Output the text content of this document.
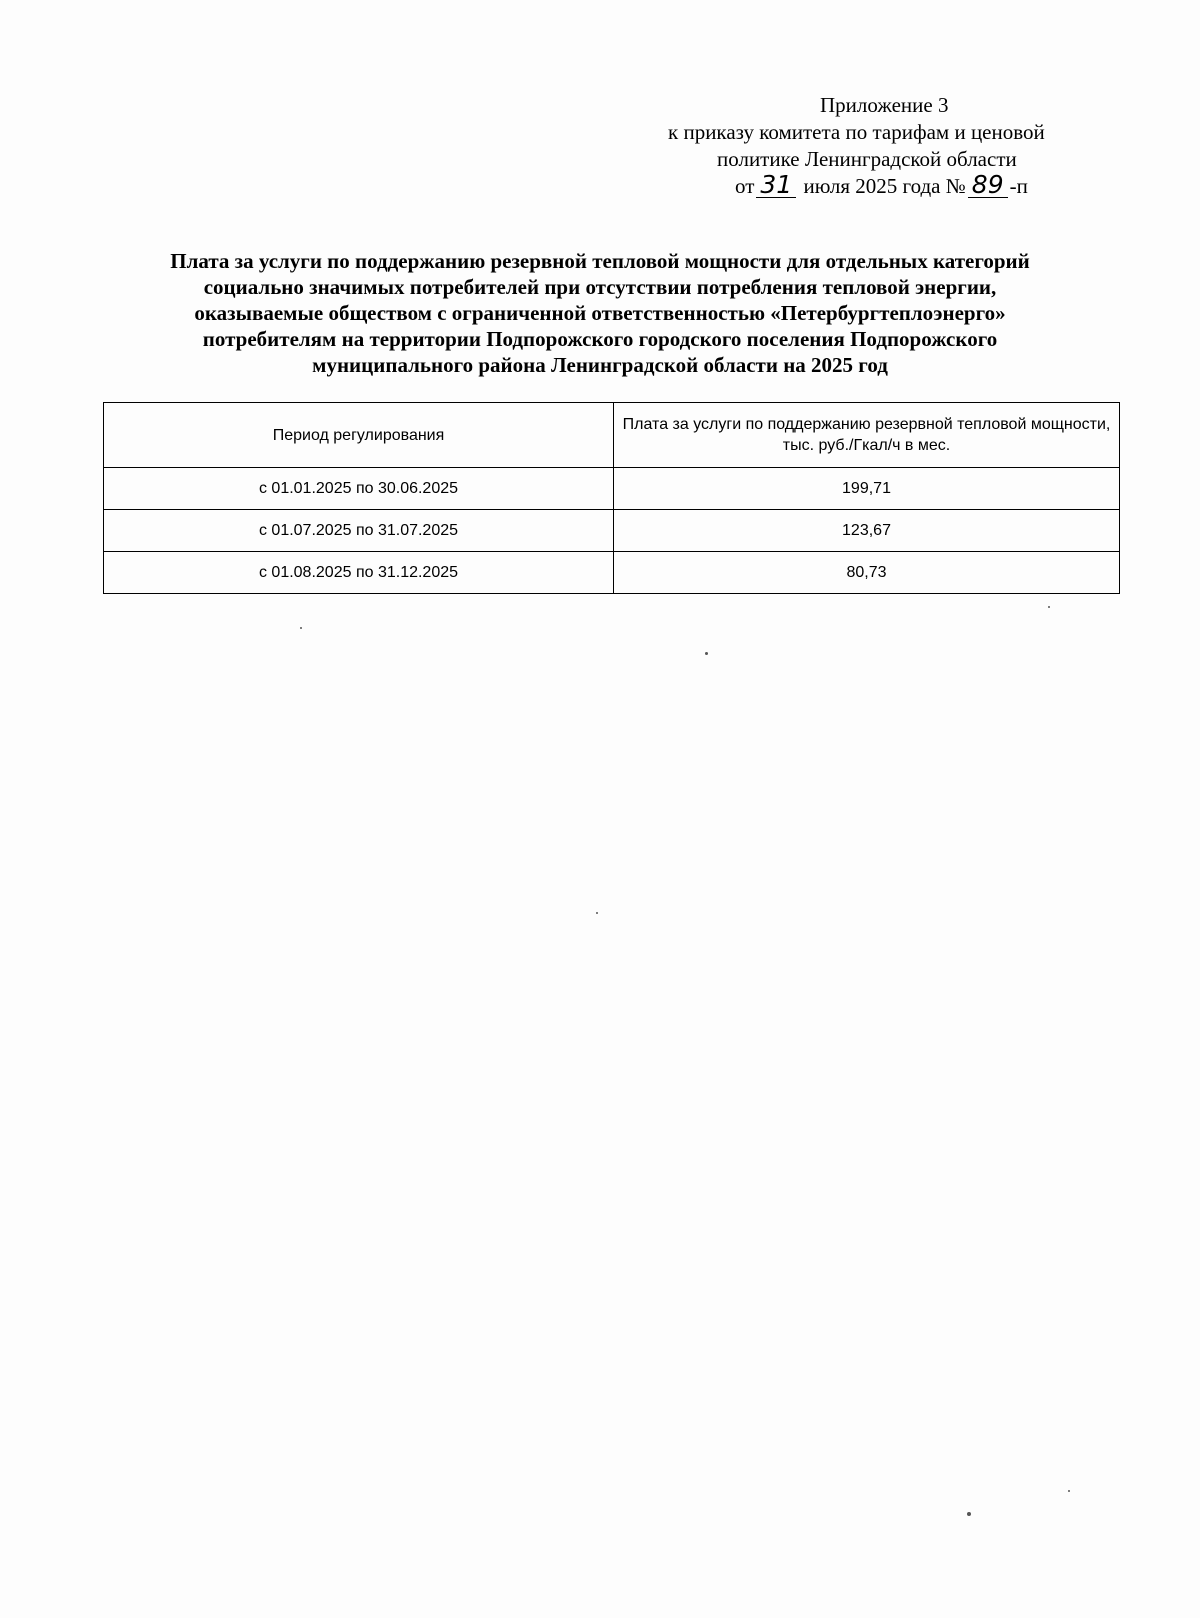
Приложение 3
к приказу комитета по тарифам и ценовой
политике Ленинградской области
от 31 июля 2025 года № 89 -п
Плата за услуги по поддержанию резервной тепловой мощности для отдельных категорий
социально значимых потребителей при отсутствии потребления тепловой энергии,
оказываемые обществом с ограниченной ответственностью «Петербургтеплоэнерго»
потребителям на территории Подпорожского городского поселения Подпорожского
муниципального района Ленинградской области на 2025 год
Период регулирования	Плата за услуги по поддержанию резервной тепловой мощности, тыс. руб./Гкал/ч в мес.
с 01.01.2025 по 30.06.2025	199,71
с 01.07.2025 по 31.07.2025	123,67
с 01.08.2025 по 31.12.2025	80,73
